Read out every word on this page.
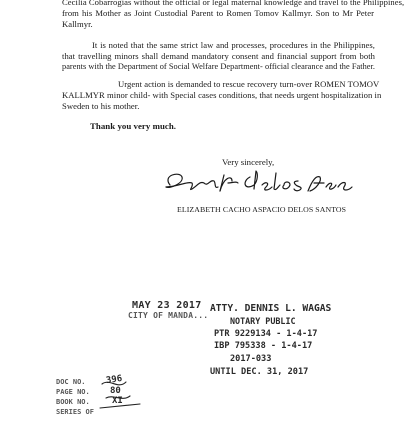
Cecilia Cobarrogias without the official or legal maternal knowledge and travel to the Philippines,
from his Mother as Joint Custodial Parent to Romen Tomov Kallmyr. Son to Mr Peter
Kallmyr.
It is noted that the same strict law and processes, procedures in the Philippines,
that travelling minors shall demand mandatory consent and financial support from both
parents with the Department of Social Welfare Department- official clearance and the Father.
Urgent action is demanded to rescue recovery turn-over ROMEN TOMOV
KALLMYR minor child- with Special cases conditions, that needs urgent hospitalization in
Sweden to his mother.
Thank you very much.
Very sincerely,
ELIZABETH CACHO ASPACIO DELOS SANTOS
MAY 23 2017
CITY OF MANDA...
ATTY. DENNIS L. WAGAS
NOTARY PUBLIC
PTR 9229134 - 1-4-17
IBP 795338 - 1-4-17
2017-033
UNTIL DEC. 31, 2017
DOC NO. 396
PAGE NO. 80
BOOK NO. XI
SERIES OF
